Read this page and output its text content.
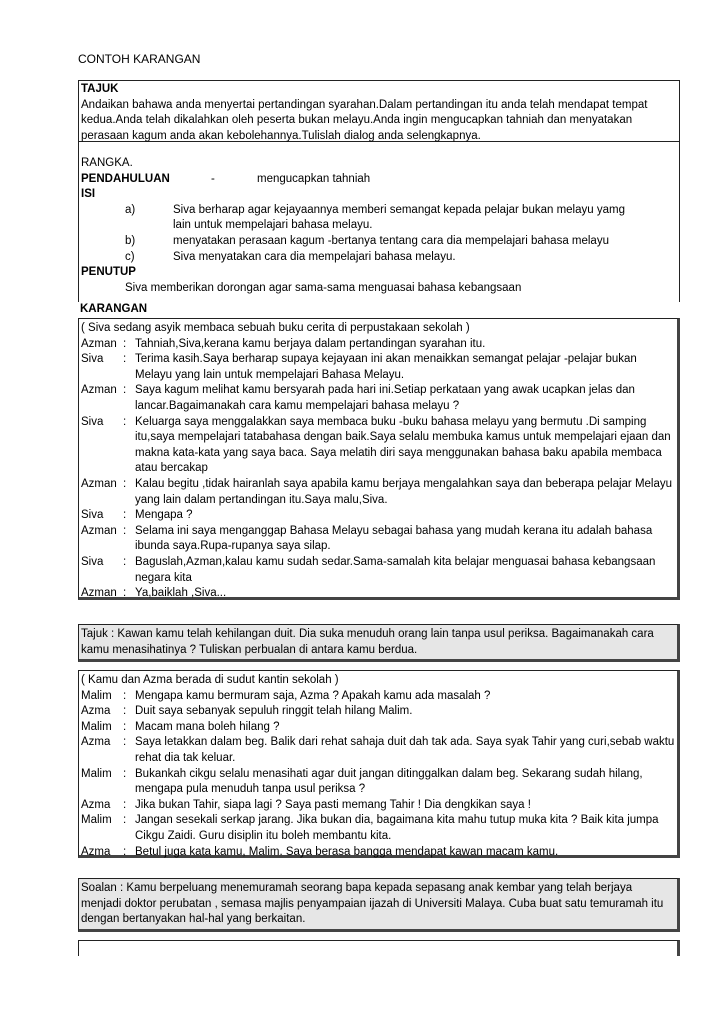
CONTOH KARANGAN
TAJUK
Andaikan bahawa anda menyertai pertandingan syarahan.Dalam pertandingan itu anda telah mendapat tempat kedua.Anda telah dikalahkan oleh peserta bukan melayu.Anda ingin mengucapkan tahniah dan menyatakan perasaan kagum anda akan kebolehannya.Tulislah dialog anda selengkapnya.
RANGKA.
PENDAHULUAN	-	mengucapkan tahniah
ISI
a)	Siva berharap agar kejayaannya memberi semangat kepada pelajar bukan melayu yamg
lain untuk mempelajari bahasa melayu.
b)	menyatakan perasaan kagum -bertanya tentang cara dia mempelajari bahasa melayu
c)	Siva menyatakan cara dia mempelajari bahasa melayu.
PENUTUP
Siva memberikan dorongan agar sama-sama menguasai bahasa kebangsaan
KARANGAN
( Siva sedang asyik membaca sebuah buku cerita di perpustakaan sekolah )
Azman : Tahniah,Siva,kerana kamu berjaya dalam pertandingan syarahan itu.
Siva	: Terima kasih.Saya berharap supaya kejayaan ini akan menaikkan semangat pelajar -pelajar bukan Melayu yang lain untuk mempelajari Bahasa Melayu.
Azman : Saya kagum melihat kamu bersyarah pada hari ini.Setiap perkataan yang awak ucapkan jelas dan lancar.Bagaimanakah cara kamu mempelajari bahasa melayu ?
Siva	: Keluarga saya menggalakkan saya membaca buku -buku bahasa melayu yang bermutu .Di samping itu,saya mempelajari tatabahasa dengan baik.Saya selalu membuka kamus untuk mempelajari ejaan dan makna kata-kata yang saya baca. Saya melatih diri saya menggunakan bahasa baku apabila membaca atau bercakap
Azman : Kalau begitu ,tidak hairanlah saya apabila kamu berjaya mengalahkan saya dan beberapa pelajar Melayu yang lain dalam pertandingan itu.Saya malu,Siva.
Siva	: Mengapa ?
Azman : Selama ini saya menganggap Bahasa Melayu sebagai bahasa yang mudah kerana itu adalah bahasa ibunda saya.Rupa-rupanya saya silap.
Siva	: Baguslah,Azman,kalau kamu sudah sedar.Sama-samalah kita belajar menguasai bahasa kebangsaan negara kita
Azman : Ya,baiklah ,Siva...
Tajuk : Kawan kamu telah kehilangan duit. Dia suka menuduh orang lain tanpa usul periksa. Bagaimanakah cara kamu menasihatinya ? Tuliskan perbualan di antara kamu berdua.
( Kamu dan Azma berada di sudut kantin sekolah )
Malim : Mengapa kamu bermuram saja, Azma ? Apakah kamu ada masalah ?
Azma	: Duit saya sebanyak sepuluh ringgit telah hilang Malim.
Malim : Macam mana boleh hilang ?
Azma	: Saya letakkan dalam beg. Balik dari rehat sahaja duit dah tak ada. Saya syak Tahir yang curi,sebab waktu rehat dia tak keluar.
Malim : Bukankah cikgu selalu menasihati agar duit jangan ditinggalkan dalam beg. Sekarang sudah hilang, mengapa pula menuduh tanpa usul periksa ?
Azma	: Jika bukan Tahir, siapa lagi ? Saya pasti memang Tahir ! Dia dengkikan saya !
Malim : Jangan sesekali serkap jarang. Jika bukan dia, bagaimana kita mahu tutup muka kita ? Baik kita jumpa Cikgu Zaidi. Guru disiplin itu boleh membantu kita.
Azma	: Betul juga kata kamu, Malim. Saya berasa bangga mendapat kawan macam kamu.
Soalan : Kamu berpeluang menemuramah seorang bapa kepada sepasang anak kembar yang telah berjaya menjadi doktor perubatan , semasa majlis penyampaian ijazah di Universiti Malaya. Cuba buat satu temuramah itu dengan bertanyakan hal-hal yang berkaitan.
